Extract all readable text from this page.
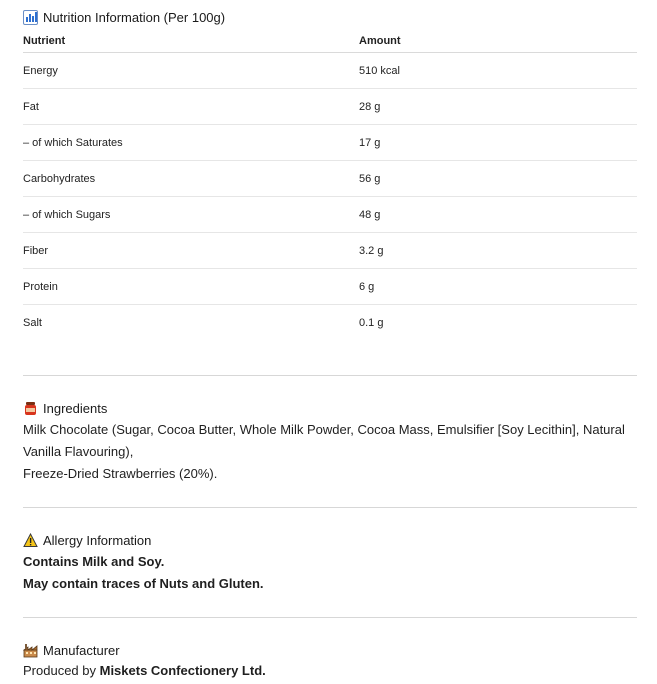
Nutrition Information (Per 100g)
Nutrient	Amount
Energy	510 kcal
Fat	28 g
– of which Saturates	17 g
Carbohydrates	56 g
– of which Sugars	48 g
Fiber	3.2 g
Protein	6 g
Salt	0.1 g
Ingredients
Milk Chocolate (Sugar, Cocoa Butter, Whole Milk Powder, Cocoa Mass, Emulsifier [Soy Lecithin], Natural
Vanilla Flavouring),
Freeze-Dried Strawberries (20%).
Allergy Information
Contains Milk and Soy.
May contain traces of Nuts and Gluten.
Manufacturer
Produced by Miskets Confectionery Ltd.
